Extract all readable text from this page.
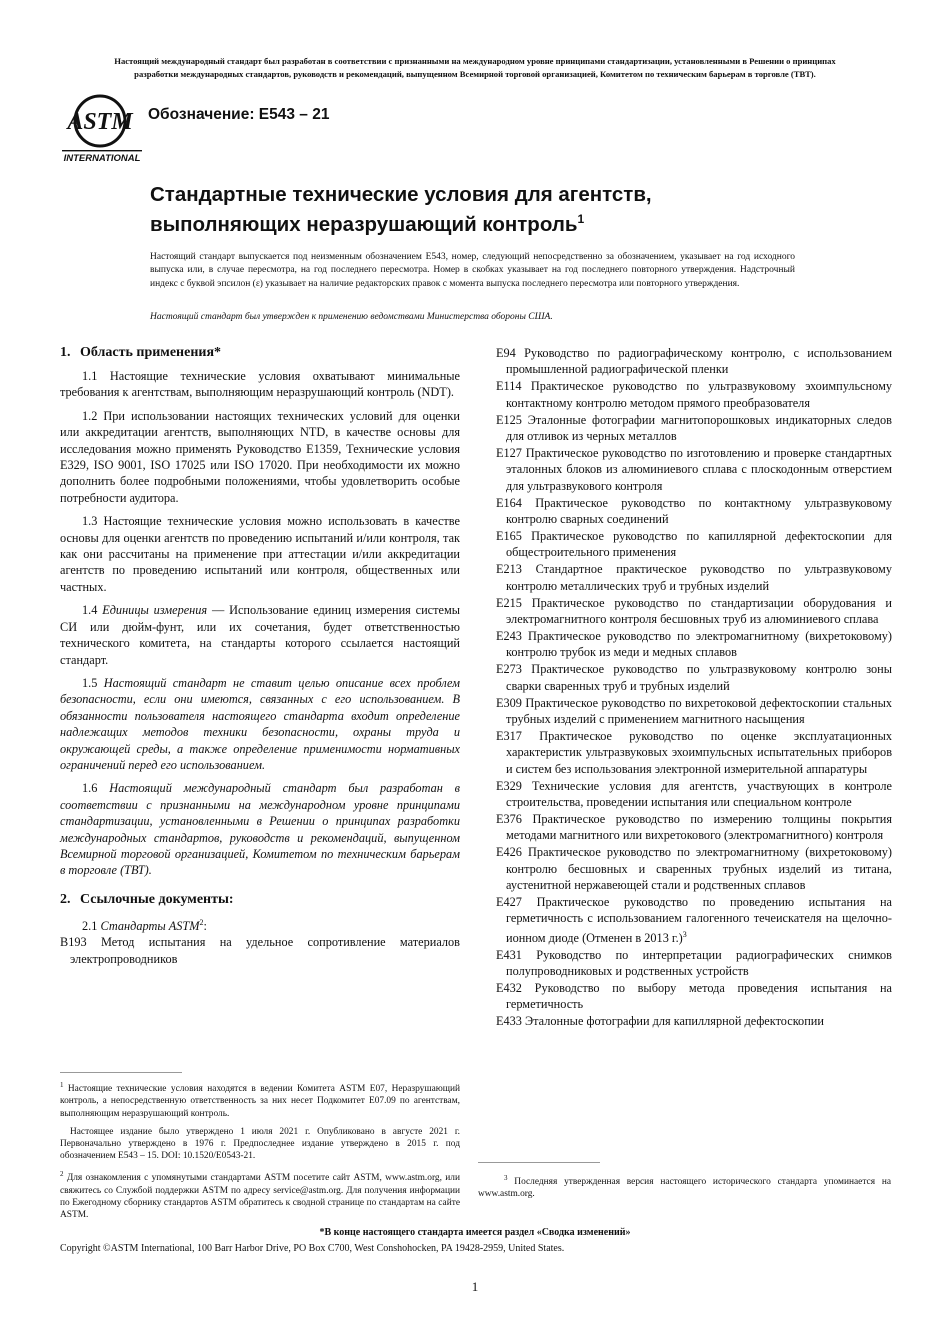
Настоящий международный стандарт был разработан в соответствии с признанными на международном уровне принципами стандартизации, установленными в Решении о принципах
разработки международных стандартов, руководств и рекомендаций, выпущенном Всемирной торговой организацией, Комитетом по техническим барьерам в торговле (ТВТ).
ASTM
INTERNATIONAL
Обозначение: E543 – 21
Стандартные технические условия для агентств,
выполняющих неразрушающий контроль$^1$

Настоящий стандарт выпускается под неизменным обозначением E543, номер, следующий непосредственно за обозначением, указывает на год исходного выпуска или, в случае пересмотра, на год последнего пересмотра. Номер в скобках указывает на год последнего повторного утверждения. Надстрочный индекс с буквой эпсилон (ε) указывает на наличие редакторских правок с момента выпуска последнего пересмотра или повторного утверждения.

Настоящий стандарт был утвержден к применению ведомствами Министерства обороны США.

1. Область применения*

1.1 Настоящие технические условия охватывают минимальные требования к агентствам, выполняющим неразрушающий контроль (NDT).

1.2 При использовании настоящих технических условий для оценки или аккредитации агентств, выполняющих NTD, в качестве основы для исследования можно применять Руководство E1359, Технические условия E329, ISO 9001, ISO 17025 или ISO 17020. При необходимости их можно дополнить более подробными положениями, чтобы удовлетворить особые потребности аудитора.

1.3 Настоящие технические условия можно использовать в качестве основы для оценки агентств по проведению испытаний и/или контроля, так как они рассчитаны на применение при аттестации и/или аккредитации агентств по проведению испытаний или контроля, общественных или частных.

1.4 Единицы измерения — Использование единиц измерения системы СИ или дюйм-фунт, или их сочетания, будет ответственностью технического комитета, на стандарты которого ссылается настоящий стандарт.

1.5 Настоящий стандарт не ставит целью описание всех проблем безопасности, если они имеются, связанных с его использованием. В обязанности пользователя настоящего стандарта входит определение надлежащих методов техники безопасности, охраны труда и окружающей среды, а также определение применимости нормативных ограничений перед его использованием.

1.6 Настоящий международный стандарт был разработан в соответствии с признанными на международном уровне принципами стандартизации, установленными в Решении о принципах разработки международных стандартов, руководств и рекомендаций, выпущенном Всемирной торговой организацией, Комитетом по техническим барьерам в торговле (ТВТ).

2. Ссылочные документы:

2.1 Стандарты ASTM$^2$:

B193 Метод испытания на удельное сопротивление материалов электропроводников

E94 Руководство по радиографическому контролю, с использованием промышленной радиографической пленки

E114 Практическое руководство по ультразвуковому эхоимпульсному контактному контролю методом прямого преобразователя

E125 Эталонные фотографии магнитопорошковых индикаторных следов для отливок из черных металлов

E127 Практическое руководство по изготовлению и проверке стандартных эталонных блоков из алюминиевого сплава с плоскодонным отверстием для ультразвукового контроля

E164 Практическое руководство по контактному ультразвуковому контролю сварных соединений

E165 Практическое руководство по капиллярной дефектоскопии для общестроительного применения

E213 Стандартное практическое руководство по ультразвуковому контролю металлических труб и трубных изделий

E215 Практическое руководство по стандартизации оборудования и электромагнитного контроля бесшовных труб из алюминиевого сплава

E243 Практическое руководство по электромагнитному (вихретоковому) контролю трубок из меди и медных сплавов

E273 Практическое руководство по ультразвуковому контролю зоны сварки сваренных труб и трубных изделий

E309 Практическое руководство по вихретоковой дефектоскопии стальных трубных изделий с применением магнитного насыщения

E317 Практическое руководство по оценке эксплуатационных характеристик ультразвуковых эхоимпульсных испытательных приборов и систем без использования электронной измерительной аппаратуры

E329 Технические условия для агентств, участвующих в контроле строительства, проведении испытания или специальном контроле

E376 Практическое руководство по измерению толщины покрытия методами магнитного или вихретокового (электромагнитного) контроля

E426 Практическое руководство по электромагнитному (вихретоковому) контролю бесшовных и сваренных трубных изделий из титана, аустенитной нержавеющей стали и родственных сплавов

E427 Практическое руководство по проведению испытания на герметичность с использованием галогенного течеискателя на щелочно-ионном диоде (Отменен в 2013 г.)$^3$

E431 Руководство по интерпретации радиографических снимков полупроводниковых и родственных устройств

E432 Руководство по выбору метода проведения испытания на герметичность

E433 Эталонные фотографии для капиллярной дефектоскопии

$^1$ Настоящие технические условия находятся в ведении Комитета ASTM E07, Неразрушающий контроль, а непосредственную ответственность за них несет Подкомитет E07.09 по агентствам, выполняющим неразрушающий контроль.

Настоящее издание было утверждено 1 июля 2021 г. Опубликовано в августе 2021 г. Первоначально утверждено в 1976 г. Предпоследнее издание утверждено в 2015 г. под обозначением E543 – 15. DOI: 10.1520/E0543-21.

$^2$ Для ознакомления с упомянутыми стандартами ASTM посетите сайт ASTM, www.astm.org, или свяжитесь со Службой поддержки ASTM по адресу service@astm.org. Для получения информации по Ежегодному сборнику стандартов ASTM обратитесь к сводной странице по стандартам на сайте ASTM.

$^3$ Последняя утвержденная версия настоящего исторического стандарта упоминается на www.astm.org.

*В конце настоящего стандарта имеется раздел «Сводка изменений»
Copyright ©ASTM International, 100 Barr Harbor Drive, PO Box C700, West Conshohocken, PA 19428-2959, United States.
1
